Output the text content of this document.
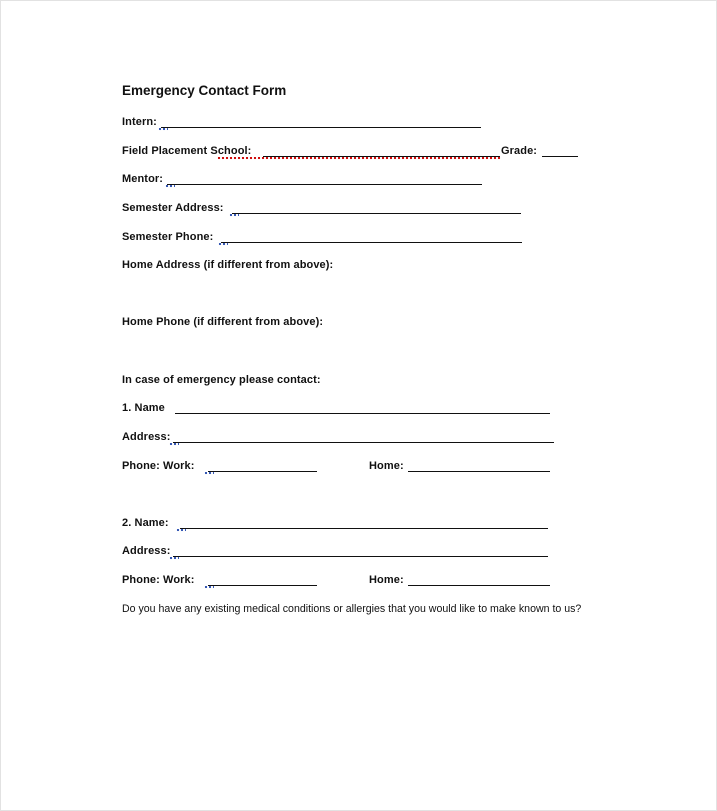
Emergency Contact Form
Intern:
Field Placement School:	Grade:
Mentor:
Semester Address:
Semester Phone:
Home Address (if different from above):
Home Phone (if different from above):
In case of emergency please contact:
1. Name
Address:
Phone: Work:	Home:
2. Name:
Address:
Phone: Work:	Home:
Do you have any existing medical conditions or allergies that you would like to make known to us?
